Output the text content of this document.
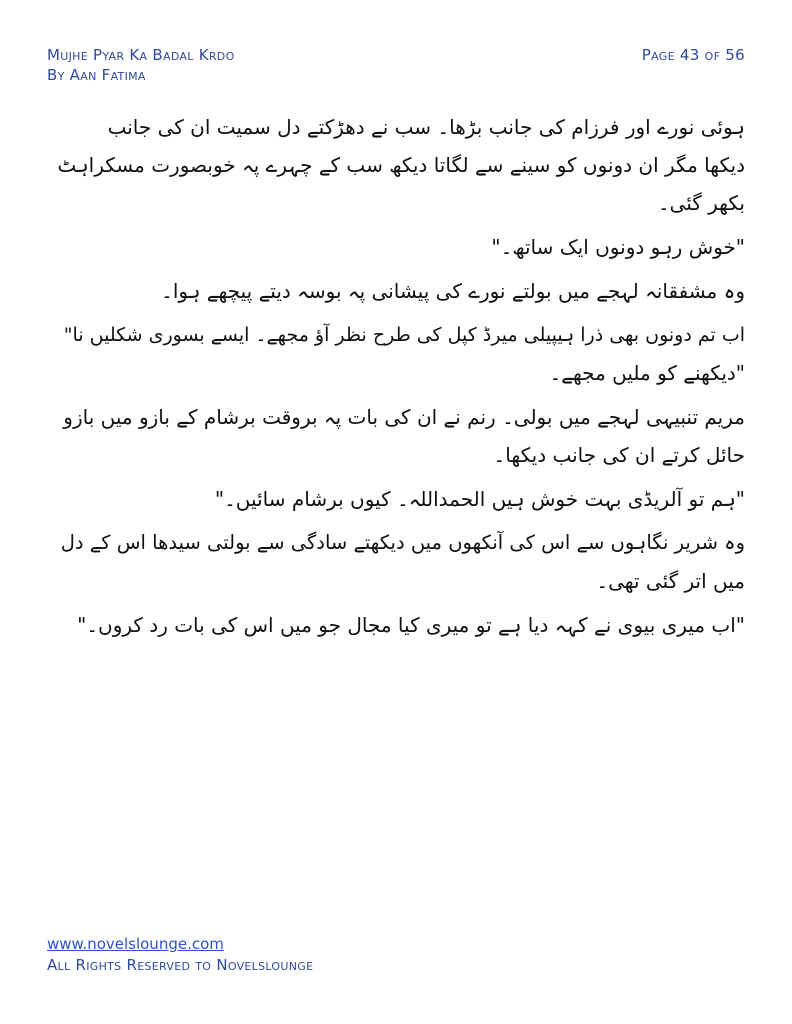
Mujhe Pyar Ka Badal Krdo
By Aan Fatima
Page 43 of 56
ہوئی نورے اور فرزام کی جانب بڑھا۔ سب نے دھڑکتے دل سمیت ان کی جانب
دیکھا مگر ان دونوں کو سینے سے لگاتا دیکھ سب کے چہرے پہ خوبصورت مسکراہٹ
بکھر گئی۔
"خوش رہو دونوں ایک ساتھ۔"
وہ مشفقانہ لہجے میں بولتے نورے کی پیشانی پہ بوسہ دیتے پیچھے ہوا۔
اب تم دونوں بھی ذرا ہیپیلی میرڈ کپل کی طرح نظر آؤ مجھے۔ ایسے بسوری شکلیں نا"
"دیکھنے کو ملیں مجھے۔
مریم تنبیہی لہجے میں بولی۔ رنم نے ان کی بات پہ بروقت برشام کے بازو میں بازو
حائل کرتے ان کی جانب دیکھا۔
"ہم تو آلریڈی بہت خوش ہیں الحمداللہ۔ کیوں برشام سائیں۔"
وہ شریر نگاہوں سے اس کی آنکھوں میں دیکھتے سادگی سے بولتی سیدھا اس کے دل
میں اتر گئی تھی۔
"اب میری بیوی نے کہہ دیا ہے تو میری کیا مجال جو میں اس کی بات رد کروں۔"
www.novelslounge.com
All Rights Reserved to Novelslounge
